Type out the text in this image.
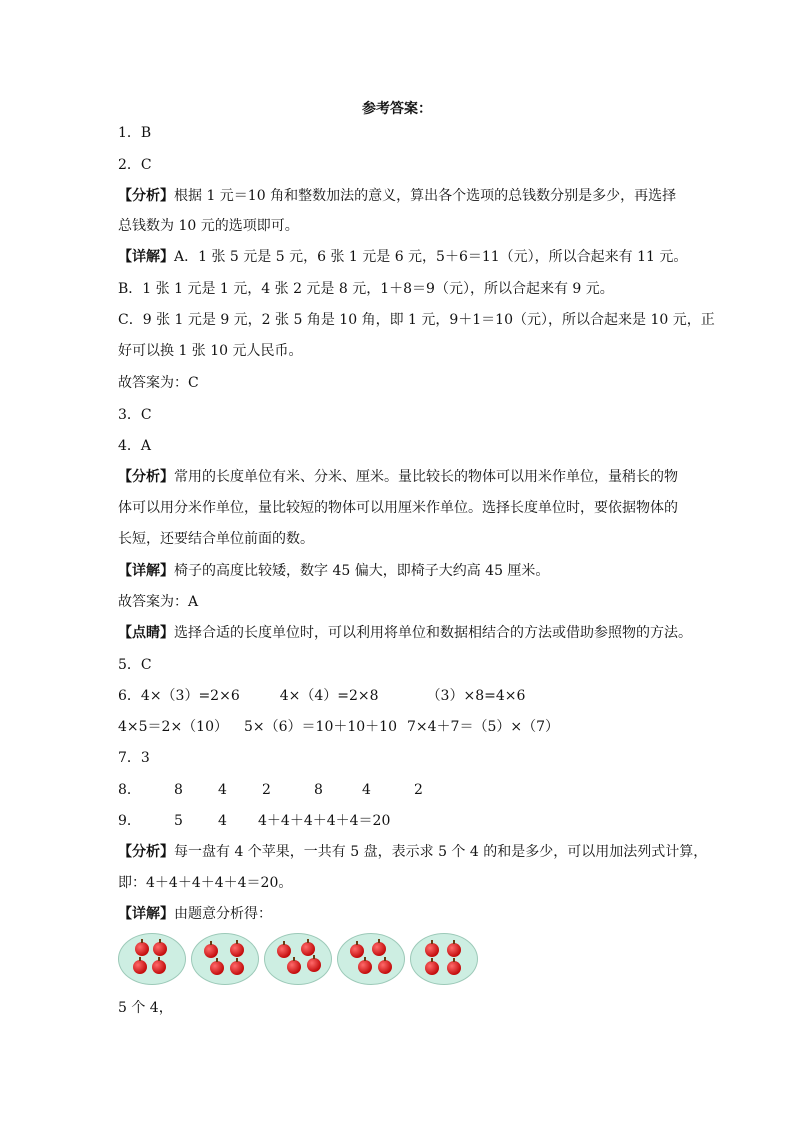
参考答案：
1．B
2．C
【分析】根据 1 元＝10 角和整数加法的意义，算出各个选项的总钱数分别是多少，再选择
总钱数为 10 元的选项即可。
【详解】A．1 张 5 元是 5 元，6 张 1 元是 6 元，5＋6＝11（元），所以合起来有 11 元。
B．1 张 1 元是 1 元，4 张 2 元是 8 元，1＋8＝9（元），所以合起来有 9 元。
C．9 张 1 元是 9 元，2 张 5 角是 10 角，即 1 元，9＋1＝10（元），所以合起来是 10 元，正
好可以换 1 张 10 元人民币。
故答案为：C
3．C
4．A
【分析】常用的长度单位有米、分米、厘米。量比较长的物体可以用米作单位，量稍长的物
体可以用分米作单位，量比较短的物体可以用厘米作单位。选择长度单位时，要依据物体的
长短，还要结合单位前面的数。
【详解】椅子的高度比较矮，数字 45 偏大，即椅子大约高 45 厘米。
故答案为：A
【点睛】选择合适的长度单位时，可以利用将单位和数据相结合的方法或借助参照物的方法。
5．C
6．4×（3）=2×6	4×（4）=2×8	（3）×8=4×6
4×5＝2×（10） 5×（6）＝10＋10＋10 7×4＋7＝（5）×（7）
7．3
8． 8	4	2	8	4	2
9． 5	4 4＋4＋4＋4＋4＝20
【分析】每一盘有 4 个苹果，一共有 5 盘，表示求 5 个 4 的和是多少，可以用加法列式计算，
即：4＋4＋4＋4＋4＝20。
【详解】由题意分析得：
5 个 4，
